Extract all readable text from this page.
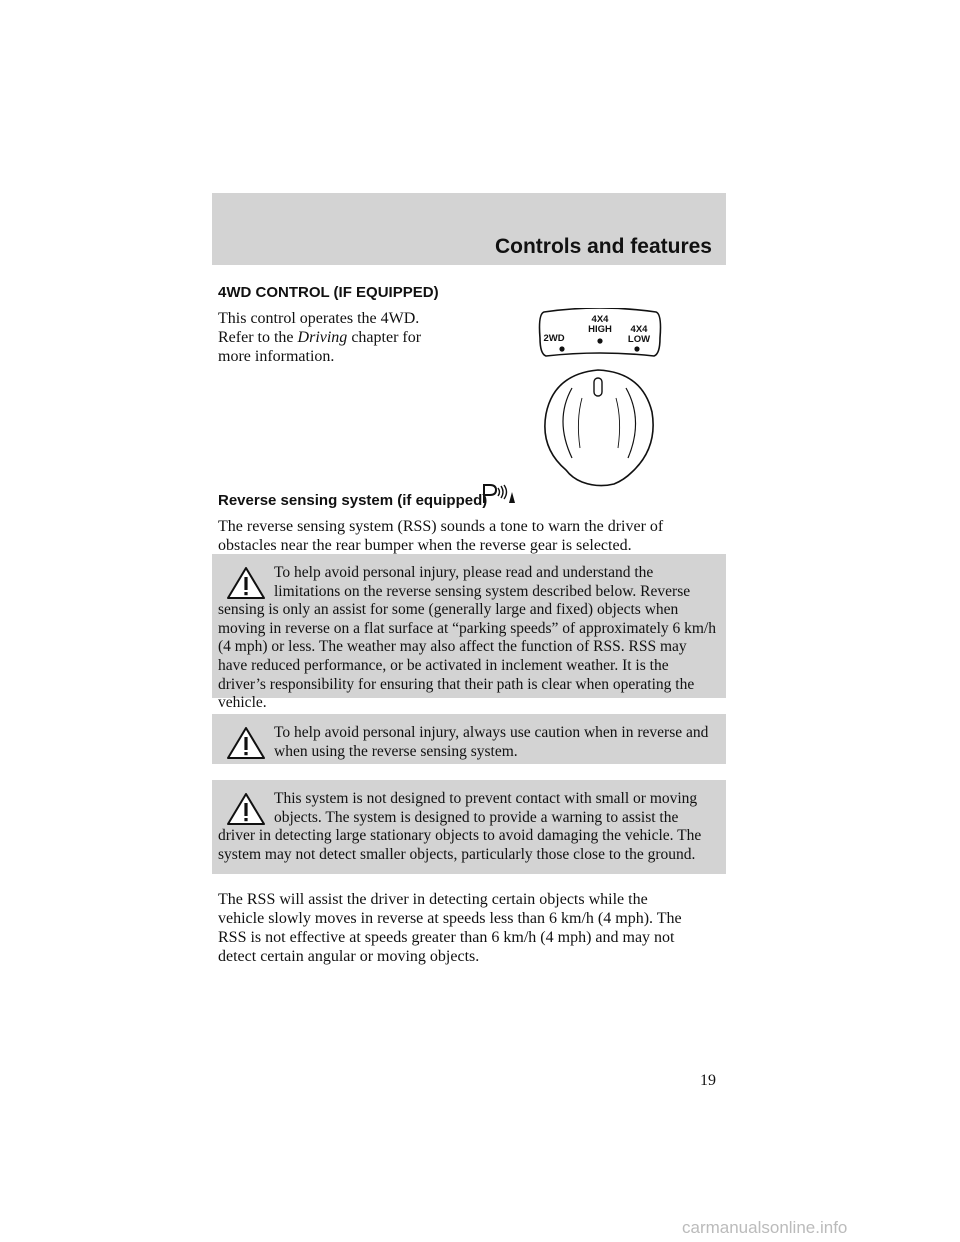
Controls and features
4WD CONTROL (IF EQUIPPED)
This control operates the 4WD.
Refer to the Driving chapter for
more information.
2WD
4X4
HIGH 4X4
LOW
Reverse sensing system (if equipped)
The reverse sensing system (RSS) sounds a tone to warn the driver of
obstacles near the rear bumper when the reverse gear is selected.

To help avoid personal injury, please read and understand the limitations on the reverse sensing system described below. Reverse sensing is only an assist for some (generally large and fixed) objects when moving in reverse on a flat surface at “parking speeds” of approximately 6 km/h (4 mph) or less. The weather may also affect the function of RSS. RSS may have reduced performance, or be activated in inclement weather. It is the driver’s responsibility for ensuring that their path is clear when operating the vehicle.

To help avoid personal injury, always use caution when in reverse and when using the reverse sensing system.

This system is not designed to prevent contact with small or moving objects. The system is designed to provide a warning to assist the driver in detecting large stationary objects to avoid damaging the vehicle. The system may not detect smaller objects, particularly those close to the ground.

The RSS will assist the driver in detecting certain objects while the
vehicle slowly moves in reverse at speeds less than 6 km/h (4 mph). The
RSS is not effective at speeds greater than 6 km/h (4 mph) and may not
detect certain angular or moving objects.
19
carmanualsonline.info
